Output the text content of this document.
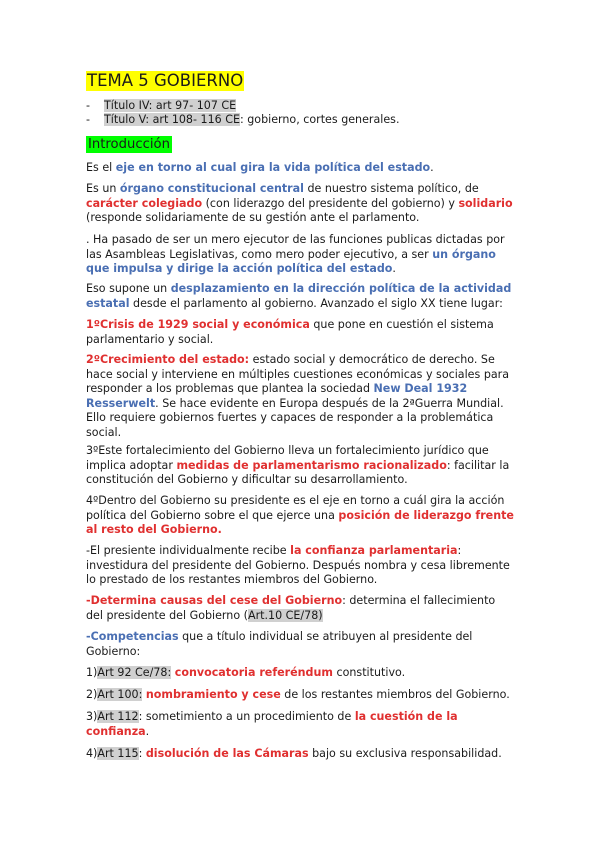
TEMA 5 GOBIERNO
- Título IV: art 97- 107 CE
- Título V: art 108- 116 CE: gobierno, cortes generales.
Introducción
Es el eje en torno al cual gira la vida política del estado.
Es un órgano constitucional central de nuestro sistema político, de
carácter colegiado (con liderazgo del presidente del gobierno) y solidario
(responde solidariamente de su gestión ante el parlamento.
. Ha pasado de ser un mero ejecutor de las funciones publicas dictadas por
las Asambleas Legislativas, como mero poder ejecutivo, a ser un órgano
que impulsa y dirige la acción política del estado.
Eso supone un desplazamiento en la dirección política de la actividad
estatal desde el parlamento al gobierno. Avanzado el siglo XX tiene lugar:
1ºCrisis de 1929 social y económica que pone en cuestión el sistema
parlamentario y social.
2ºCrecimiento del estado: estado social y democrático de derecho. Se
hace social y interviene en múltiples cuestiones económicas y sociales para
responder a los problemas que plantea la sociedad New Deal 1932
Resserwelt. Se hace evidente en Europa después de la 2ªGuerra Mundial.
Ello requiere gobiernos fuertes y capaces de responder a la problemática
social.
3ºEste fortalecimiento del Gobierno lleva un fortalecimiento jurídico que
implica adoptar medidas de parlamentarismo racionalizado: facilitar la
constitución del Gobierno y dificultar su desarrollamiento.
4ºDentro del Gobierno su presidente es el eje en torno a cuál gira la acción
política del Gobierno sobre el que ejerce una posición de liderazgo frente
al resto del Gobierno.
-El presiente individualmente recibe la confianza parlamentaria:
investidura del presidente del Gobierno. Después nombra y cesa libremente
lo prestado de los restantes miembros del Gobierno.
-Determina causas del cese del Gobierno: determina el fallecimiento
del presidente del Gobierno (Art.10 CE/78)
-Competencias que a título individual se atribuyen al presidente del
Gobierno:
1)Art 92 Ce/78: convocatoria referéndum constitutivo.
2)Art 100: nombramiento y cese de los restantes miembros del Gobierno.
3)Art 112: sometimiento a un procedimiento de la cuestión de la
confianza.
4)Art 115: disolución de las Cámaras bajo su exclusiva responsabilidad.
